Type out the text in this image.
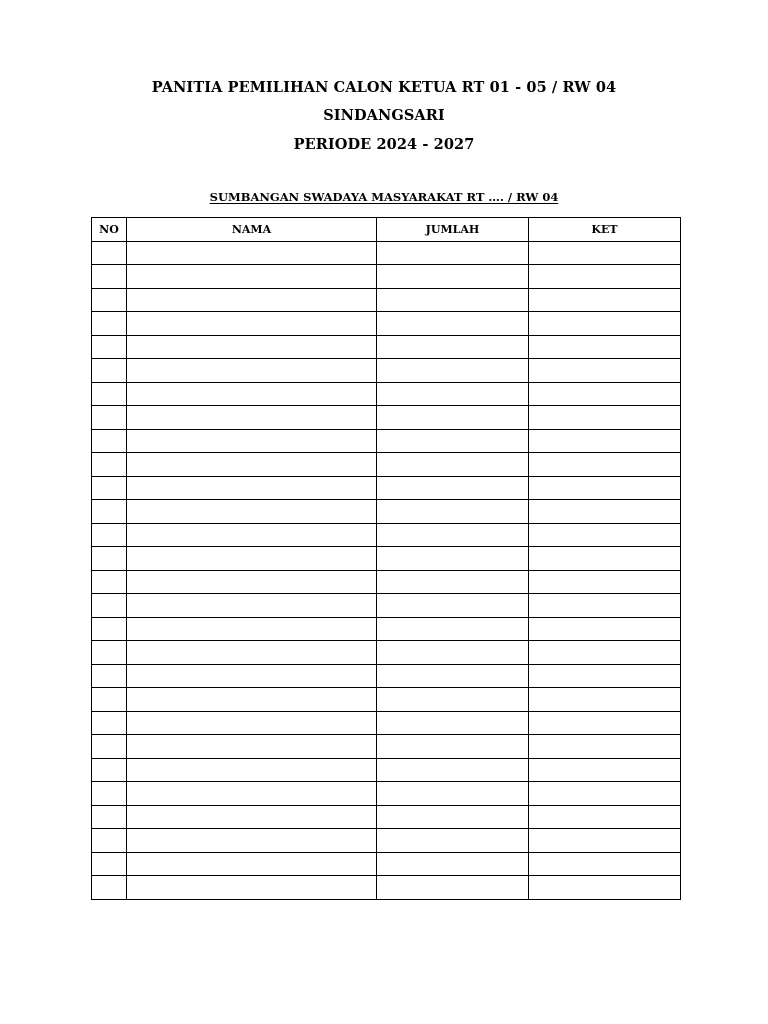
PANITIA PEMILIHAN CALON KETUA RT 01 - 05 / RW 04
SINDANGSARI
PERIODE 2024 - 2027
SUMBANGAN SWADAYA MASYARAKAT RT …. / RW 04
NO	NAMA	JUMLAH	KET
